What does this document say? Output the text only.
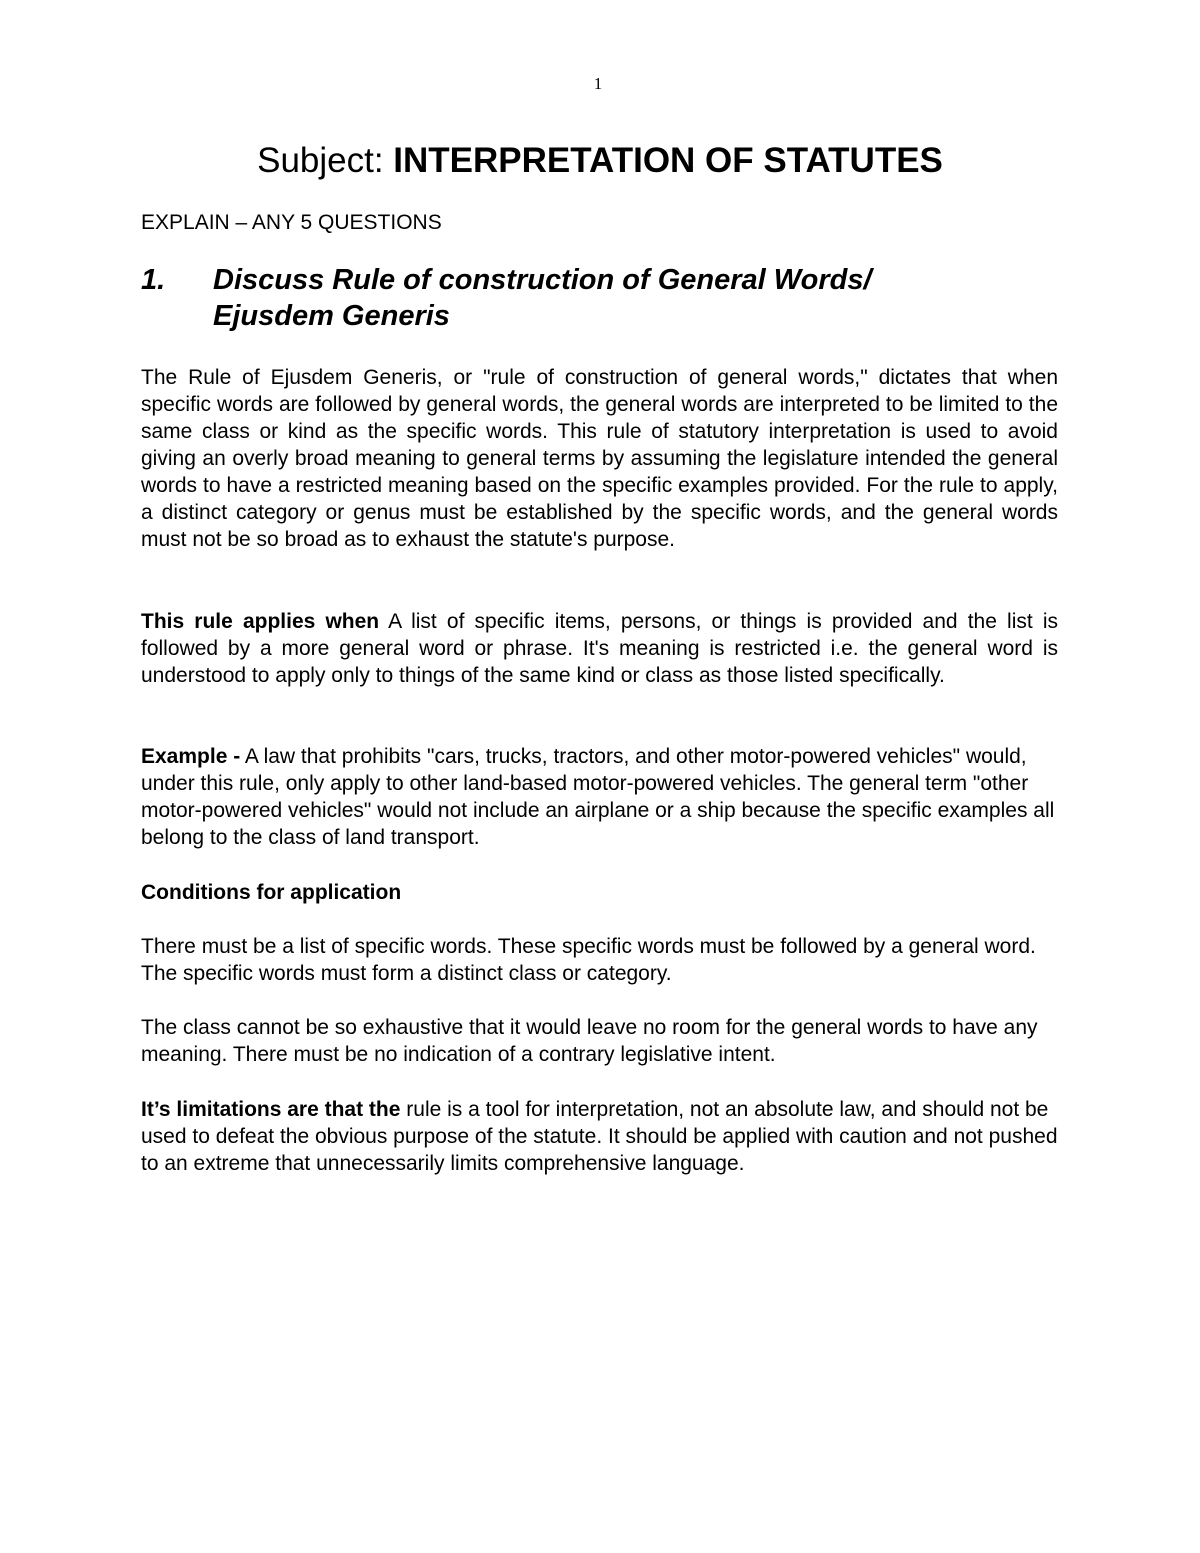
1
Subject: INTERPRETATION OF STATUTES
EXPLAIN – ANY 5 QUESTIONS
1. Discuss Rule of construction of General Words/ Ejusdem Generis

The Rule of Ejusdem Generis, or "rule of construction of general words," dictates that when specific words are followed by general words, the general words are interpreted to be limited to the same class or kind as the specific words. This rule of statutory interpretation is used to avoid giving an overly broad meaning to general terms by assuming the legislature intended the general words to have a restricted meaning based on the specific examples provided. For the rule to apply, a distinct category or genus must be established by the specific words, and the general words must not be so broad as to exhaust the statute's purpose.

This rule applies when A list of specific items, persons, or things is provided and the list is followed by a more general word or phrase. It's meaning is restricted i.e. the general word is understood to apply only to things of the same kind or class as those listed specifically.

Example - A law that prohibits "cars, trucks, tractors, and other motor-powered vehicles" would, under this rule, only apply to other land-based motor-powered vehicles. The general term "other motor-powered vehicles" would not include an airplane or a ship because the specific examples all belong to the class of land transport.

Conditions for application

There must be a list of specific words. These specific words must be followed by a general word. The specific words must form a distinct class or category.

The class cannot be so exhaustive that it would leave no room for the general words to have any meaning. There must be no indication of a contrary legislative intent.

It’s limitations are that the rule is a tool for interpretation, not an absolute law, and should not be used to defeat the obvious purpose of the statute. It should be applied with caution and not pushed to an extreme that unnecessarily limits comprehensive language.
